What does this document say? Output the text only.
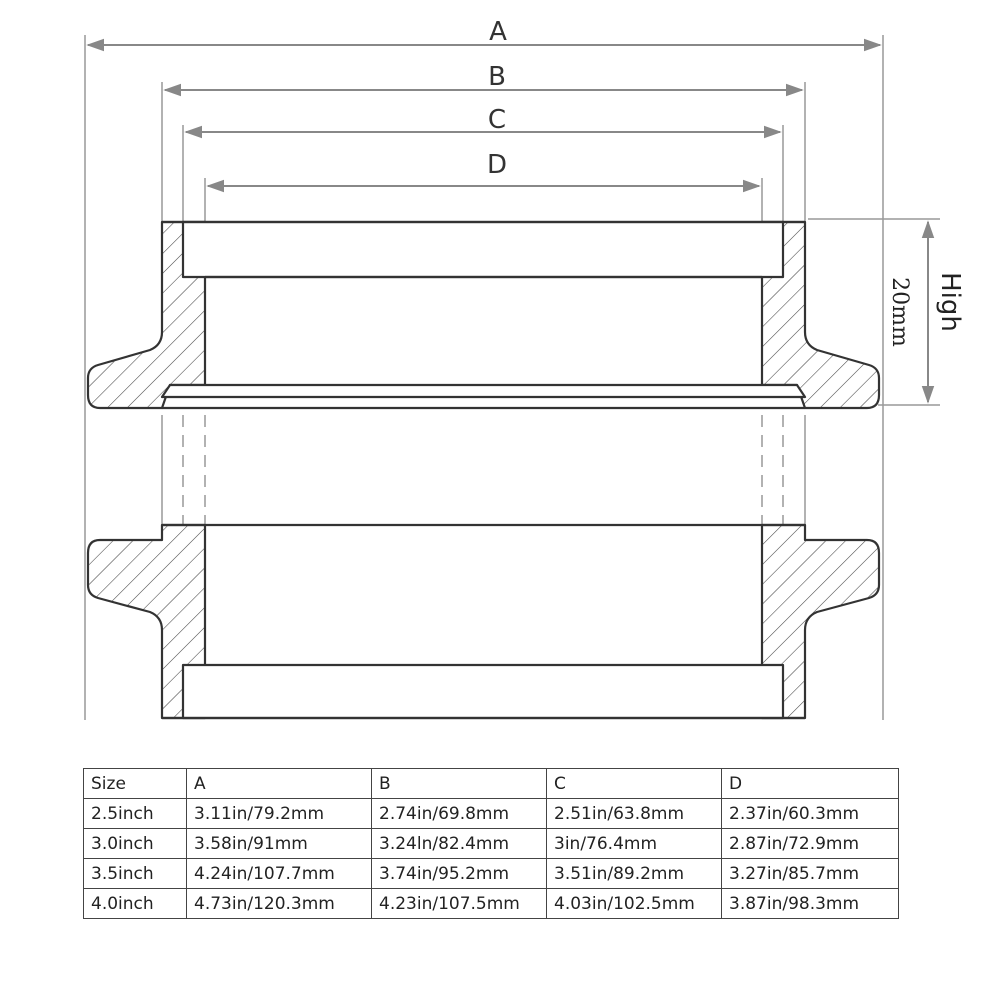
A
B
C
D
20mm High
Size	A	B	C	D
2.5inch	3.11in/79.2mm	2.74in/69.8mm	2.51in/63.8mm	2.37in/60.3mm
3.0inch	3.58in/91mm	3.24ln/82.4mm	3in/76.4mm	2.87in/72.9mm
3.5inch	4.24in/107.7mm	3.74in/95.2mm	3.51in/89.2mm	3.27in/85.7mm
4.0inch	4.73in/120.3mm	4.23in/107.5mm	4.03in/102.5mm	3.87in/98.3mm
